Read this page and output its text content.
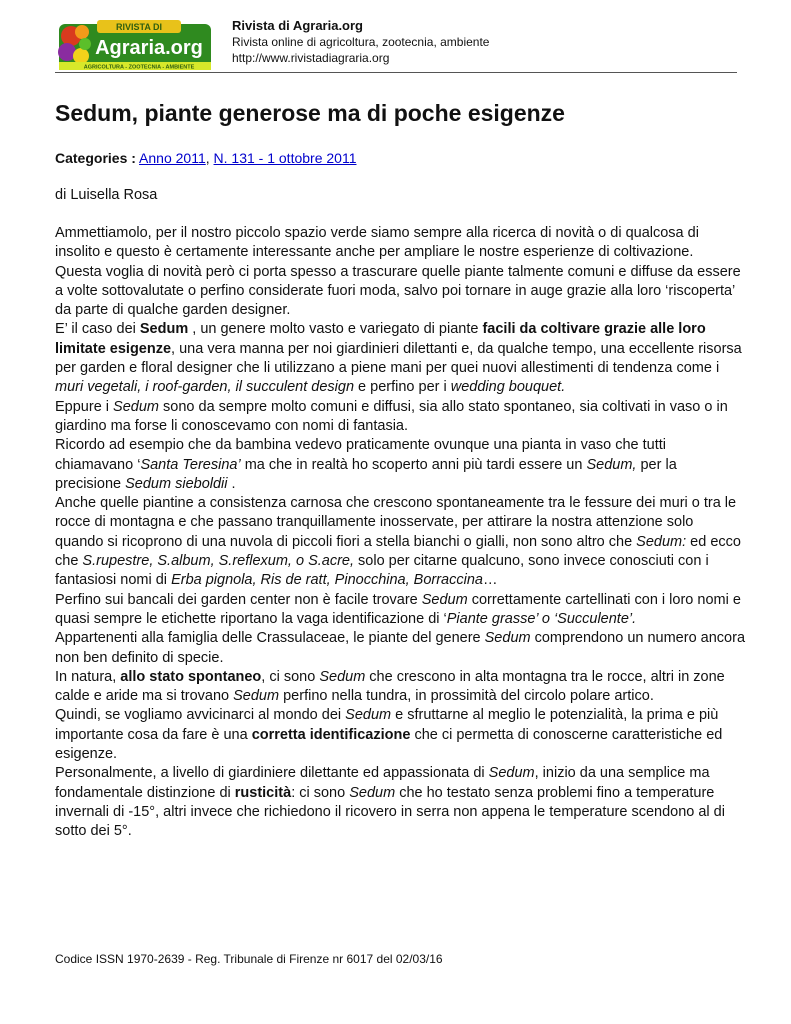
RIVISTA DI
Agraria.org
AGRICOLTURA - ZOOTECNIA - AMBIENTE
Rivista di Agraria.org
Rivista online di agricoltura, zootecnia, ambiente
http://www.rivistadiagraria.org
Sedum, piante generose ma di poche esigenze
Categories : Anno 2011, N. 131 - 1 ottobre 2011
di Luisella Rosa

Ammettiamolo, per il nostro piccolo spazio verde siamo sempre alla ricerca di novità o di qualcosa di insolito e questo è certamente interessante anche per ampliare le nostre esperienze di coltivazione.

Questa voglia di novità però ci porta spesso a trascurare quelle piante talmente comuni e diffuse da essere a volte sottovalutate o perfino considerate fuori moda, salvo poi tornare in auge grazie alla loro ‘riscoperta’ da parte di qualche garden designer.

E’ il caso dei Sedum , un genere molto vasto e variegato di piante facili da coltivare grazie alle loro limitate esigenze, una vera manna per noi giardinieri dilettanti e, da qualche tempo, una eccellente risorsa per garden e floral designer che li utilizzano a piene mani per quei nuovi allestimenti di tendenza come i muri vegetali, i roof-garden, il succulent design e perfino per i wedding bouquet.

Eppure i Sedum sono da sempre molto comuni e diffusi, sia allo stato spontaneo, sia coltivati in vaso o in giardino ma forse li conoscevamo con nomi di fantasia.

Ricordo ad esempio che da bambina vedevo praticamente ovunque una pianta in vaso che tutti chiamavano ‘Santa Teresina’ ma che in realtà ho scoperto anni più tardi essere un Sedum, per la precisione Sedum sieboldii .

Anche quelle piantine a consistenza carnosa che crescono spontaneamente tra le fessure dei muri o tra le rocce di montagna e che passano tranquillamente inosservate, per attirare la nostra attenzione solo quando si ricoprono di una nuvola di piccoli fiori a stella bianchi o gialli, non sono altro che Sedum: ed ecco che S.rupestre, S.album, S.reflexum, o S.acre, solo per citarne qualcuno, sono invece conosciuti con i fantasiosi nomi di Erba pignola, Ris de ratt, Pinocchina, Borraccina…

Perfino sui bancali dei garden center non è facile trovare Sedum correttamente cartellinati con i loro nomi e quasi sempre le etichette riportano la vaga identificazione di ‘Piante grasse’ o ‘Succulente’.

Appartenenti alla famiglia delle Crassulaceae, le piante del genere Sedum comprendono un numero ancora non ben definito di specie.

In natura, allo stato spontaneo, ci sono Sedum che crescono in alta montagna tra le rocce, altri in zone calde e aride ma si trovano Sedum perfino nella tundra, in prossimità del circolo polare artico.

Quindi, se vogliamo avvicinarci al mondo dei Sedum e sfruttarne al meglio le potenzialità, la prima e più importante cosa da fare è una corretta identificazione che ci permetta di conoscerne caratteristiche ed esigenze.

Personalmente, a livello di giardiniere dilettante ed appassionata di Sedum, inizio da una semplice ma fondamentale distinzione di rusticità: ci sono Sedum che ho testato senza problemi fino a temperature invernali di -15°, altri invece che richiedono il ricovero in serra non appena le temperature scendono al di sotto dei 5°.

Codice ISSN 1970-2639 - Reg. Tribunale di Firenze nr 6017 del 02/03/16
